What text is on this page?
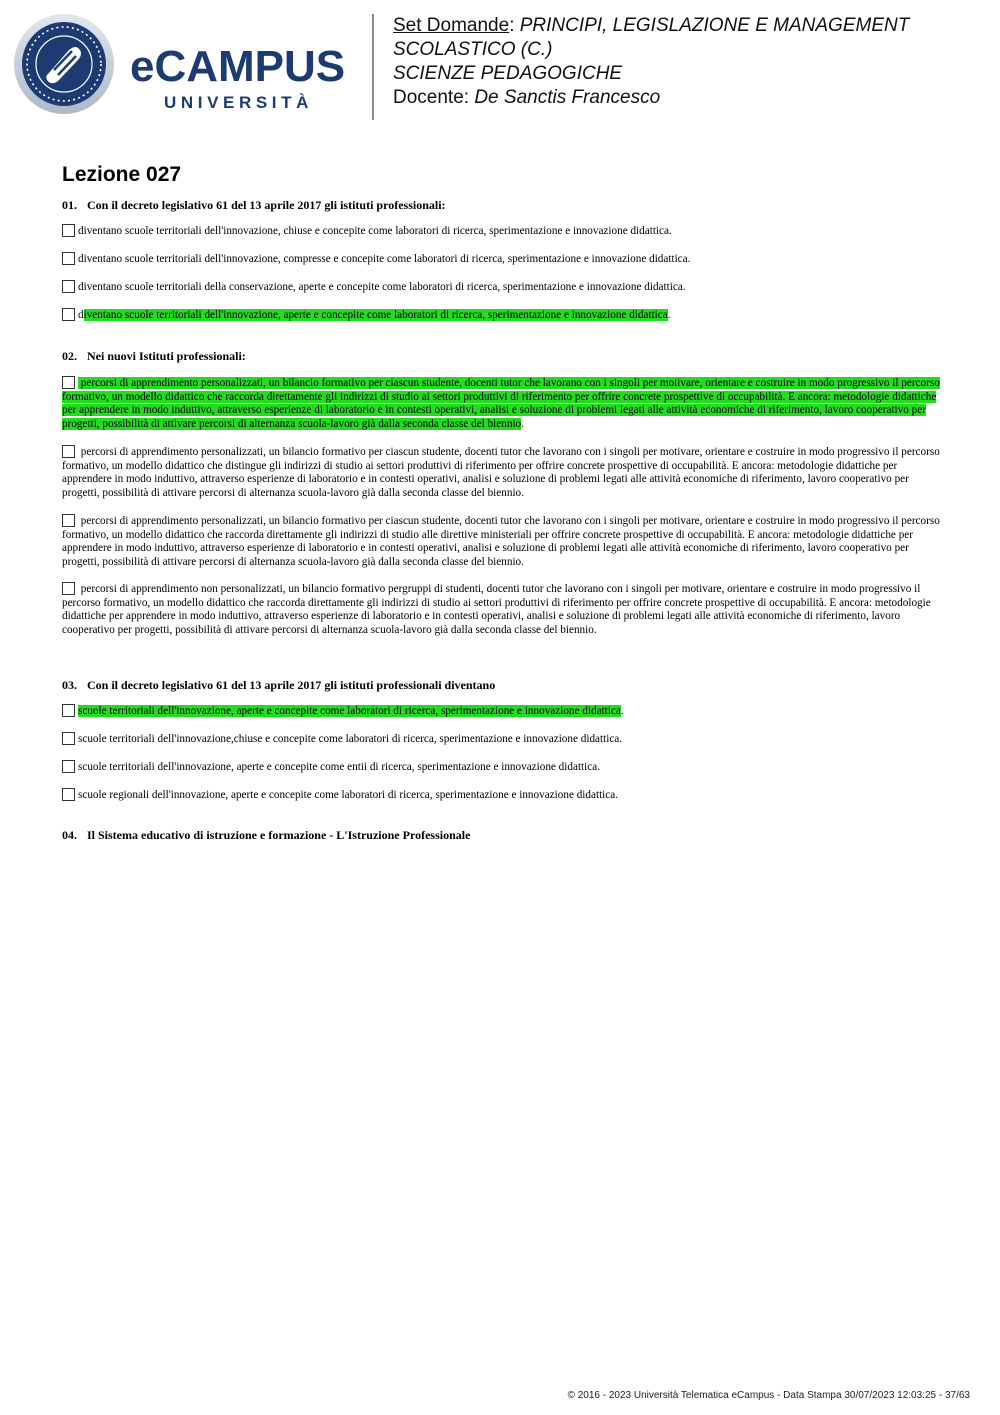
eCAMPUS
UNIVERSITÀ
Set Domande: PRINCIPI, LEGISLAZIONE E MANAGEMENT
SCOLASTICO (C.)
SCIENZE PEDAGOGICHE
Docente: De Sanctis Francesco
Lezione 027

01. Con il decreto legislativo 61 del 13 aprile 2017 gli istituti professionali:

diventano scuole territoriali dell'innovazione, chiuse e concepite come laboratori di ricerca, sperimentazione e innovazione didattica.

diventano scuole territoriali dell'innovazione, compresse e concepite come laboratori di ricerca, sperimentazione e innovazione didattica.

diventano scuole territoriali della conservazione, aperte e concepite come laboratori di ricerca, sperimentazione e innovazione didattica.

diventano scuole territoriali dell'innovazione, aperte e concepite come laboratori di ricerca, sperimentazione e innovazione didattica.

02. Nei nuovi Istituti professionali:

percorsi di apprendimento personalizzati, un bilancio formativo per ciascun studente, docenti tutor che lavorano con i singoli per motivare, orientare e costruire in modo progressivo il percorso formativo, un modello didattico che raccorda direttamente gli indirizzi di studio ai settori produttivi di riferimento per offrire concrete prospettive di occupabilità. E ancora: metodologie didattiche per apprendere in modo induttivo, attraverso esperienze di laboratorio e in contesti operativi, analisi e soluzione di problemi legati alle attività economiche di riferimento, lavoro cooperativo per progetti, possibilità di attivare percorsi di alternanza scuola-lavoro già dalla seconda classe del biennio.

percorsi di apprendimento personalizzati, un bilancio formativo per ciascun studente, docenti tutor che lavorano con i singoli per motivare, orientare e costruire in modo progressivo il percorso formativo, un modello didattico che distingue gli indirizzi di studio ai settori produttivi di riferimento per offrire concrete prospettive di occupabilità. E ancora: metodologie didattiche per apprendere in modo induttivo, attraverso esperienze di laboratorio e in contesti operativi, analisi e soluzione di problemi legati alle attività economiche di riferimento, lavoro cooperativo per progetti, possibilità di attivare percorsi di alternanza scuola-lavoro già dalla seconda classe del biennio.

percorsi di apprendimento personalizzati, un bilancio formativo per ciascun studente, docenti tutor che lavorano con i singoli per motivare, orientare e costruire in modo progressivo il percorso formativo, un modello didattico che raccorda direttamente gli indirizzi di studio alle direttive ministeriali per offrire concrete prospettive di occupabilità. E ancora: metodologie didattiche per apprendere in modo induttivo, attraverso esperienze di laboratorio e in contesti operativi, analisi e soluzione di problemi legati alle attività economiche di riferimento, lavoro cooperativo per progetti, possibilità di attivare percorsi di alternanza scuola-lavoro già dalla seconda classe del biennio.

percorsi di apprendimento non personalizzati, un bilancio formativo pergruppi di studenti, docenti tutor che lavorano con i singoli per motivare, orientare e costruire in modo progressivo il percorso formativo, un modello didattico che raccorda direttamente gli indirizzi di studio ai settori produttivi di riferimento per offrire concrete prospettive di occupabilità. E ancora: metodologie didattiche per apprendere in modo induttivo, attraverso esperienze di laboratorio e in contesti operativi, analisi e soluzione di problemi legati alle attività economiche di riferimento, lavoro cooperativo per progetti, possibilità di attivare percorsi di alternanza scuola-lavoro già dalla seconda classe del biennio.

03. Con il decreto legislativo 61 del 13 aprile 2017 gli istituti professionali diventano

scuole territoriali dell'innovazione, aperte e concepite come laboratori di ricerca, sperimentazione e innovazione didattica.

scuole territoriali dell'innovazione,chiuse e concepite come laboratori di ricerca, sperimentazione e innovazione didattica.

scuole territoriali dell'innovazione, aperte e concepite come entii di ricerca, sperimentazione e innovazione didattica.

scuole regionali dell'innovazione, aperte e concepite come laboratori di ricerca, sperimentazione e innovazione didattica.

04. Il Sistema educativo di istruzione e formazione - L'Istruzione Professionale

© 2016 - 2023 Università Telematica eCampus - Data Stampa 30/07/2023 12:03:25 - 37/63
